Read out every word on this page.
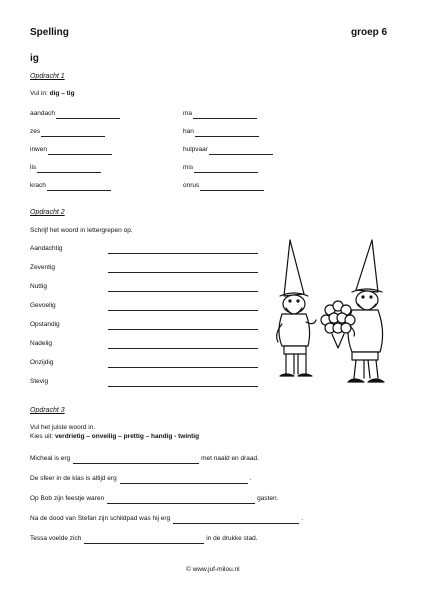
Spelling	groep 6
ig
Opdracht 1
Vul in: dig – tig
aandach
zes
inwen
lis
krach
ma
han
hulpvaar
mis
onrus
Opdracht 2
Schrijf het woord in lettergrepen op.
Aandachtig
Zeventig
Nuttig
Gevoelig
Opstandig
Nadelig
Onzijdig
Stevig
Opdracht 3
Vul het juiste woord in.
Kies uit: verdrietig – onveilig – prettig – handig - twintig
Micheal is erg	met naald en draad.
De sfeer in de klas is altijd erg	.
Op Bob zijn feestje waren	gasten.
Na de dood van Stefan zijn schildpad was hij erg	.
Tessa voelde zich	in de drukke stad.
© www.juf-milou.nl
